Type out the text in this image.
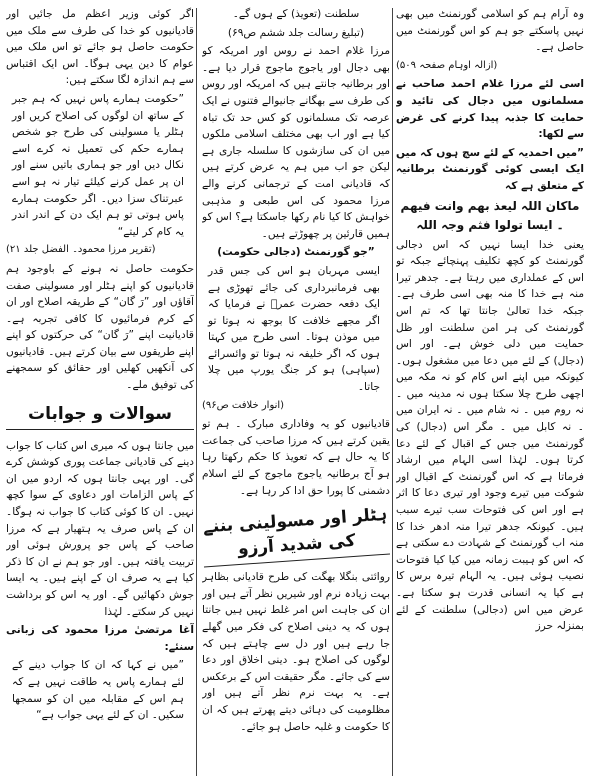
وہ آرام ہم کو اسلامی گورنمنٹ میں بھی نہیں پاسکتے جو ہم کو اس گورنمنٹ میں حاصل ہے۔

(ازالہ اوہام صفحہ ۵۰۹)

اسی لئے مرزا غلام احمد صاحب نے مسلمانوں میں دجال کی تائید و حمایت کا جذبہ پیدا کرنے کی غرض سے لکھا:

”میں احمدیہ کے لئے سچ ہوں کہ میں ایک ایسی کوئی گورنمنٹ برطانیہ کے متعلق ہے کہ

ماکان اللہ لیعذ بھم وانت فیھم ۔ ایسا تولوا فثم وجہ اللہ

یعنی خدا ایسا نہیں کہ اس دجالی گورنمنٹ کو کچھ تکلیف پہنچائے جبکہ تو اس کے عملداری میں رہتا ہے۔ جدھر تیرا منہ ہے خدا کا منہ بھی اسی طرف ہے۔ جبکہ خدا تعالیٰ جانتا تھا کہ تم اس گورنمنٹ کی ہر امن سلطنت اور ظل حمایت میں دلی خوش ہے۔ اور اس (دجال) کے لئے میں دعا میں مشغول ہوں۔ کیونکہ میں اپنے اس کام کو نہ مکہ میں اچھی طرح چلا سکتا ہوں نہ مدینہ میں ۔ نہ روم میں ۔ نہ شام میں ۔ نہ ایران میں ۔ نہ کابل میں ۔ مگر اس (دجال) کی گورنمنٹ میں جس کے اقبال کے لئے دعا کرتا ہوں۔ لہٰذا اسی الہام میں ارشاد فرماتا ہے کہ اس گورنمنٹ کے اقبال اور شوکت میں تیرے وجود اور تیری دعا کا اثر ہے اور اس کی فتوحات سب تیرے سبب ہیں۔ کیونکہ جدھر تیرا منہ ادھر خدا کا منہ اب گورنمنٹ کے شہادت دے سکتی ہے کہ اس کو ہیبت زمانہ میں کیا کیا فتوحات نصیب ہوئی ہیں۔ یہ الہام تیرہ برس کا ہے کیا یہ انسانی قدرت ہو سکتا ہے۔ عرض میں اس (دجالی) سلطنت کے لئے بمنزلہ حرز

سلطنت (تعویذ) کے ہوں گے۔

(تبلیغ رسالت جلد ششم ص۶۹)

مرزا غلام احمد نے روس اور امریکہ کو بھی دجال اور یاجوج ماجوج قرار دیا ہے۔ اور برطانیہ جانتے ہیں کہ امریکہ اور روس کی طرف سے بھگانے جانیوالے فتنوں نے ایک عرصہ تک مسلمانوں کو کس حد تک تباہ کیا ہے اور اب بھی مختلف اسلامی ملکوں میں ان کی سازشوں کا سلسلہ جاری ہے لیکن جو اب میں ہم یہ عرض کرتے ہیں کہ قادیانی امت کے ترجمانی کرنے والے مرزا محمود کی اس طبعی و مذہبی خواہش کا کیا نام رکھا جاسکتا ہے؟ اس کو ہمیں قارئین پر چھوڑتے ہیں۔

”جو گورنمنٹ (دجالی حکومت)

ایسی مہربان ہو اس کی جس قدر بھی فرمانبرداری کی جائے تھوڑی ہے ایک دفعہ حضرت عمرؓ نے فرمایا کہ اگر مجھے خلافت کا بوجھ نہ ہوتا تو میں موذن ہوتا۔ اسی طرح میں کہتا ہوں کہ اگر خلیفہ نہ ہوتا تو وائسرائے (سپاہی) ہو کر جنگ یورپ میں چلا جاتا۔

(انوار خلافت ص۹۶)

قادیانیوں کو یہ وفاداری مبارک ۔ ہم تو یقین کرتے ہیں کہ مرزا صاحب کی جماعت کا یہ حال ہے کہ تعویذ کا حکم رکھتا رہا ہو آج برطانیہ یاجوج ماجوج کے لئے اسلام دشمنی کا پورا حق ادا کر رہا ہے۔

ہٹلر اور مسولینی بننے کی شدید آرزو

روائتی بنگلا بھگت کی طرح قادیانی بظاہر بہت زیادہ نرم اور شیریں نظر آتے ہیں اور ان کی جاہت اس امر غلط نہیں ہیں جانتا ہوں کہ یہ دینی اصلاح کی فکر میں گھلے جا رہے ہیں اور دل سے چاہتے ہیں کہ لوگوں کی اصلاح ہو۔ دینی اخلاق اور دعا سے کی جائے۔ مگر حقیقت اس کے برعکس ہے۔ یہ بہت نرم نظر آتے ہیں اور مظلومیت کی دہائی دیتے پھرتے ہیں کہ ان کا حکومت و غلبہ حاصل ہو جائے۔

اگر کوئی وزیر اعظم مل جائیں اور قادیانیوں کو خدا کی طرف سے ملک میں حکومت حاصل ہو جائے تو اس ملک میں عوام کا دین یہی ہوگا۔ اس ایک اقتباس سے ہم اندازہ لگا سکتے ہیں:

”حکومت ہمارے پاس نہیں کہ ہم جبر کے ساتھ ان لوگوں کی اصلاح کریں اور ہٹلر یا مسولینی کی طرح جو شخص ہمارے حکم کی تعمیل نہ کرے اسے نکال دیں اور جو ہماری باتیں سنے اور ان پر عمل کرنے کیلئے تیار نہ ہو اسے عبرتناک سزا دیں۔ اگر حکومت ہمارے پاس ہوتی تو ہم ایک دن کے اندر اندر یہ کام کر لیتے“

(تقریر مرزا محمود۔ الفضل جلد ۲۱)

حکومت حاصل نہ ہونے کے باوجود ہم قادیانیوں کو اپنے ہٹلر اور مسولینی صفت آقاؤں اور ”رَ گان“ کے طریقہ اصلاح اور ان کے کرم فرمائیوں کا کافی تجربہ ہے۔ قادیانیت اپنے ”رَ گان“ کی حرکتوں کو اپنے اپنے طریقوں سے بیان کرتے ہیں۔ قادیانیوں کی آنکھیں کھلیں اور حقائق کو سمجھنے کی توفیق ملے۔

سوالات و جوابات

میں جانتا ہوں کہ میری اس کتاب کا جواب دینے کی قادیانی جماعت پوری کوشش کرے گی۔ اور یہی جانتا ہوں کہ اردو میں ان کے پاس الزامات اور دعاوی کے سوا کچھ نہیں۔ ان کا کوئی کتاب کا جواب نہ ہوگا۔ ان کے پاس صرف یہ ہتھیار ہے کہ مرزا صاحب کے پاس جو پرورش ہوئی اور تربیت یافتہ ہیں۔ اور جو ہم نے ان کا ذکر کیا ہے یہ صرف ان کے اپنے ہیں۔ یہ ایسا جوش دکھائیں گے۔ اور یہ اس کو برداشت نہیں کر سکتے۔ لہٰذا

آغا مرتضیٰ مرزا محمود کی زبانی سنئے:

”میں نے کہا کہ ان کا جواب دینے کے لئے ہمارے پاس یہ طاقت نہیں ہے کہ ہم اس کے مقابلہ میں ان کو سمجھا سکیں۔ ان کے لئے یہی جواب ہے“
